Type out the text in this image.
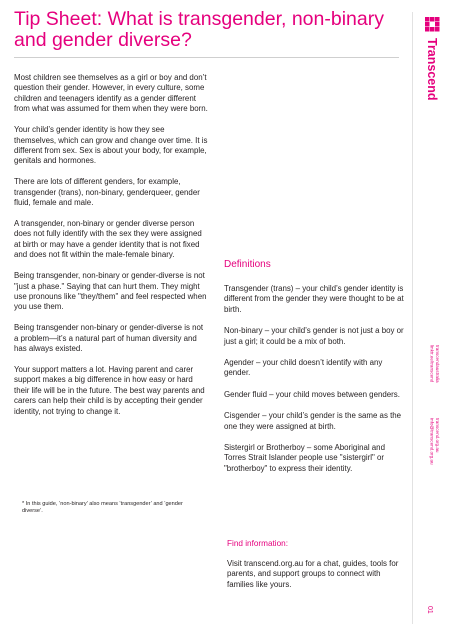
Tip Sheet: What is transgender, non-binary and gender diverse?

Most children see themselves as a girl or boy and don’t question their gender. However, in every culture, some children and teenagers identify as a gender different from what was assumed for them when they were born.

Your child’s gender identity is how they see themselves, which can grow and change over time. It is different from sex. Sex is about your body, for example, genitals and hormones.

There are lots of different genders, for example, transgender (trans), non-binary, genderqueer, gender fluid, female and male.

A transgender, non-binary or gender diverse person does not fully identify with the sex they were assigned at birth or may have a gender identity that is not fixed and does not fit within the male-female binary.

Being transgender, non-binary or gender-diverse is not "just a phase." Saying that can hurt them. They might use pronouns like "they/them" and feel respected when you use them.

Being transgender non-binary or gender-diverse is not a problem—it’s a natural part of human diversity and has always existed.

Your support matters a lot. Having parent and carer support makes a big difference in how easy or hard their life will be in the future. The best way parents and carers can help their child is by accepting their gender identity, not trying to change it.

* In this guide, ‘non-binary’ also means ‘transgender’ and ‘gender diverse’.
Definitions

Transgender (trans) – your child’s gender identity is different from the gender they were thought to be at birth.

Non-binary – your child’s gender is not just a boy or just a girl; it could be a mix of both.

Agender – your child doesn’t identify with any gender.

Gender fluid – your child moves between genders.

Cisgender – your child’s gender is the same as the one they were assigned at birth.

Sistergirl or Brotherboy – some Aboriginal and Torres Strait Islander people use "sistergirl" or "brotherboy" to express their identity.

Find information:
Visit transcend.org.au for a chat, guides, tools for parents, and support groups to connect with families like yours.
Transcend
transcendaustralia
linktr.ee/transcend
transcend.org.au
info@transcend.org.au
01
